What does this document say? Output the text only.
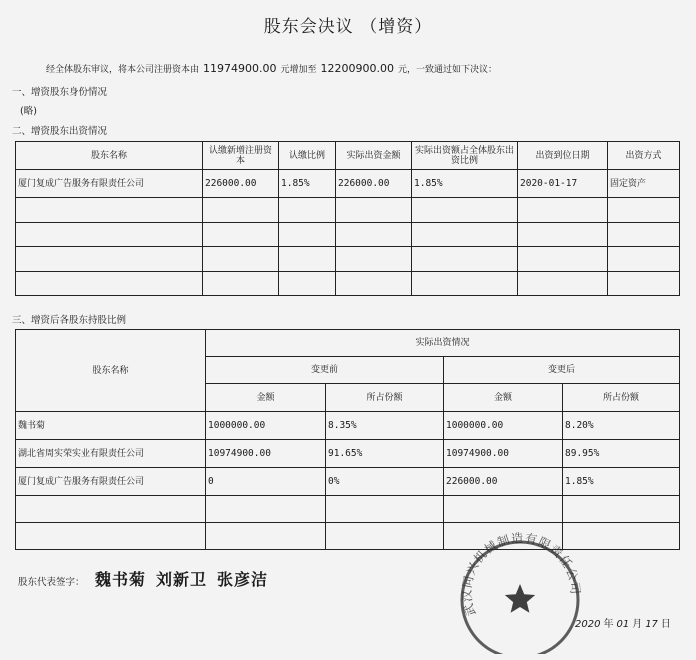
股东会决议 （增资）
经全体股东审议，将本公司注册资本由 11974900.00 元增加至 12200900.00 元，一致通过如下决议：
一、增资股东身份情况
(略)
二、增资股东出资情况
股东名称	认缴新增注册资本	认缴比例	实际出资金额	实际出资额占全体股东出资比例	出资到位日期	出资方式
厦门复成广告服务有限责任公司	226000.00	1.85%	226000.00	1.85%	2020-01-17	固定资产

三、增资后各股东持股比例
股东名称	实际出资情况			
	变更前		变更后	
	金额	所占份额	金额	所占份额
魏书菊	1000000.00	8.35%	1000000.00	8.20%
湖北省周实荣实业有限责任公司	10974900.00	91.65%	10974900.00	89.95%
厦门复成广告服务有限责任公司	0	0%	226000.00	1.85%

股东代表签字： 魏书菊 刘新卫 张彦洁
武汉同兴机械制造有限责任公司
2020 年 01 月 17 日
